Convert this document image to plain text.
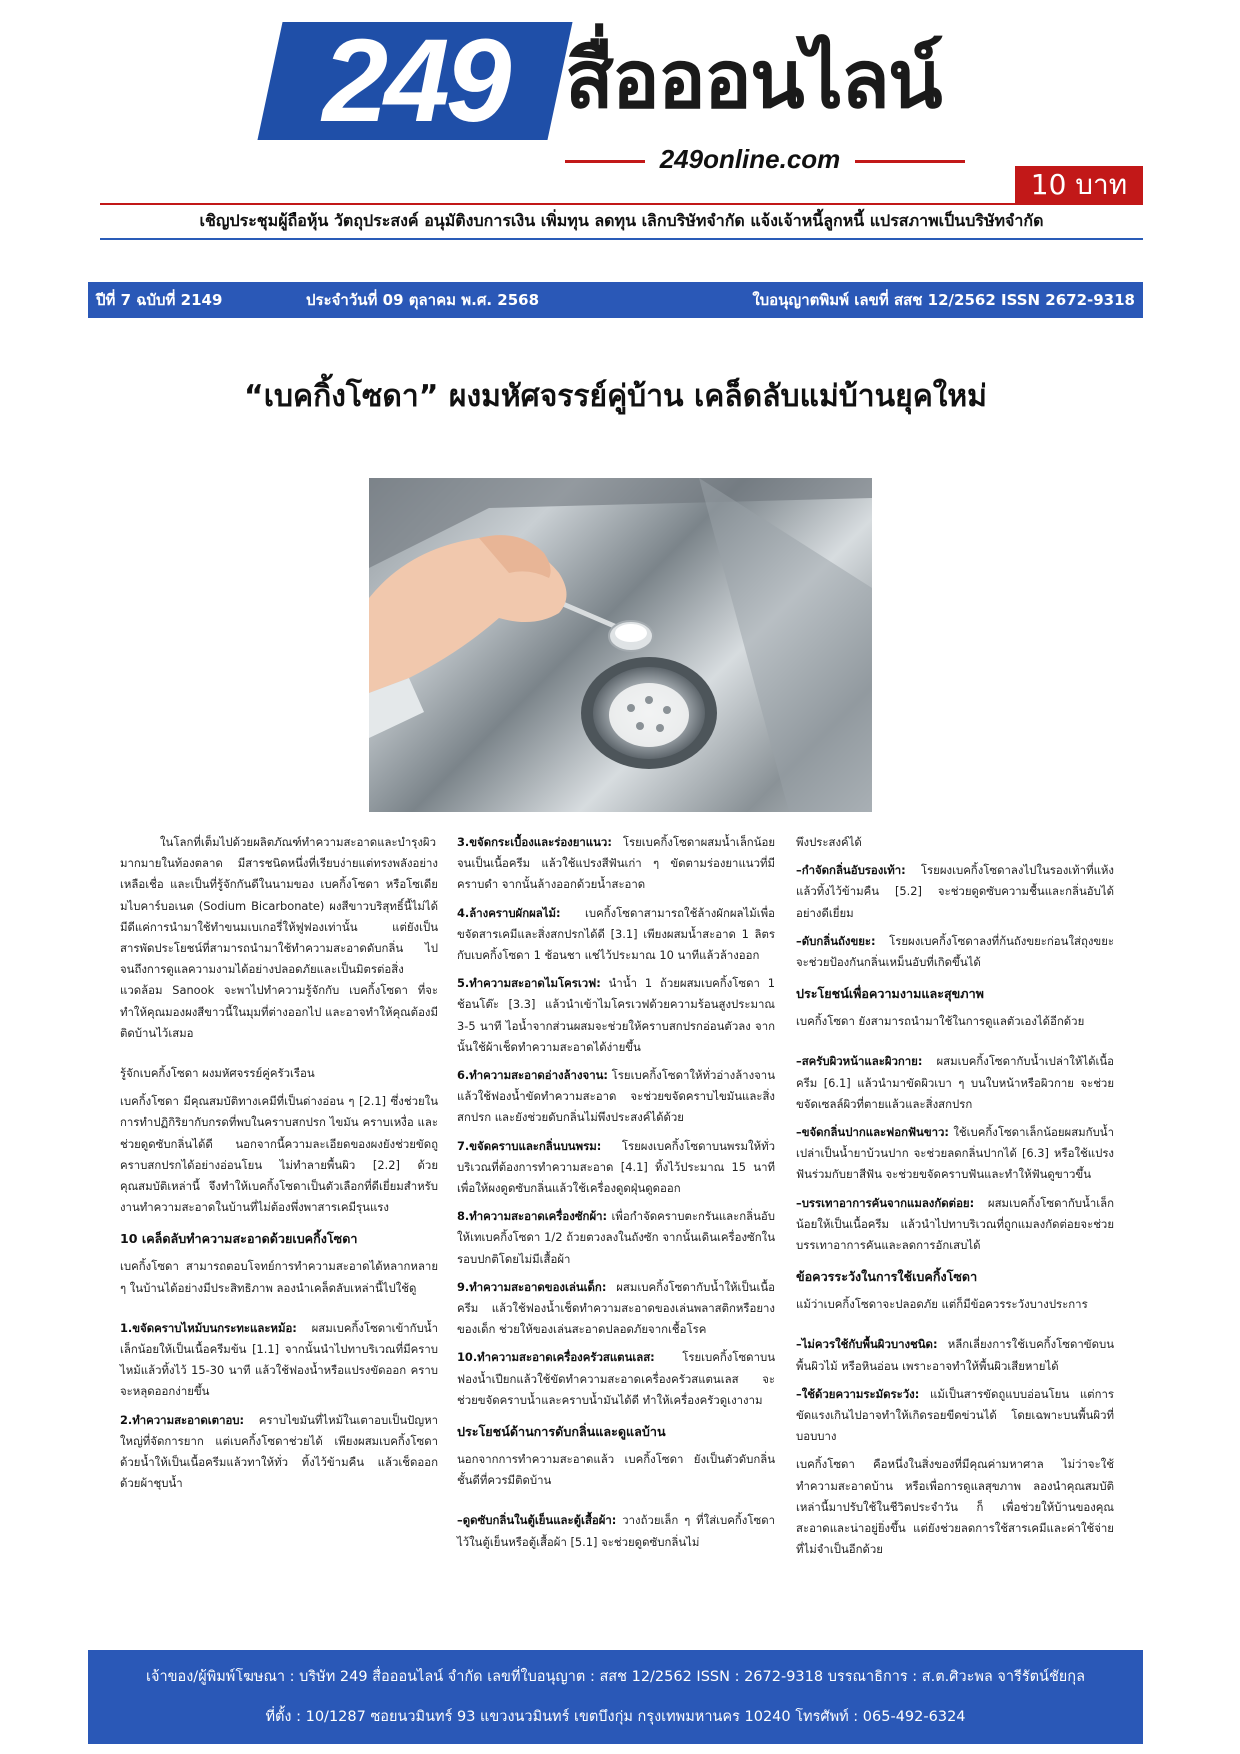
249 สื่อออนไลน์
249online.com
10 บาท
เชิญประชุมผู้ถือหุ้น วัตถุประสงค์ อนุมัติงบการเงิน เพิ่มทุน ลดทุน เลิกบริษัทจำกัด แจ้งเจ้าหนี้ลูกหนี้ แปรสภาพเป็นบริษัทจำกัด
ปีที่ 7 ฉบับที่ 2149	ประจำวันที่ 09 ตุลาคม พ.ศ. 2568	ใบอนุญาตพิมพ์ เลขที่ สสช 12/2562 ISSN 2672-9318
“เบคกิ้งโซดา” ผงมหัศจรรย์คู่บ้าน เคล็ดลับแม่บ้านยุคใหม่

ในโลกที่เต็มไปด้วยผลิตภัณฑ์ทำความสะอาดและบำรุงผิวมากมายในท้องตลาด มีสารชนิดหนึ่งที่เรียบง่ายแต่ทรงพลังอย่างเหลือเชื่อ และเป็นที่รู้จักกันดีในนามของ เบคกิ้งโซดา หรือโซเดียมไบคาร์บอเนต (Sodium Bicarbonate) ผงสีขาวบริสุทธิ์นี้ไม่ได้มีดีแค่การนำมาใช้ทำขนมเบเกอรี่ให้ฟูฟองเท่านั้น แต่ยังเป็นสารพัดประโยชน์ที่สามารถนำมาใช้ทำความสะอาดดับกลิ่น ไปจนถึงการดูแลความงามได้อย่างปลอดภัยและเป็นมิตรต่อสิ่งแวดล้อม Sanook จะพาไปทำความรู้จักกับ เบคกิ้งโซดา ที่จะทำให้คุณมองผงสีขาวนี้ในมุมที่ต่างออกไป และอาจทำให้คุณต้องมีติดบ้านไว้เสมอ

รู้จักเบคกิ้งโซดา ผงมหัศจรรย์คู่ครัวเรือน

เบคกิ้งโซดา มีคุณสมบัติทางเคมีที่เป็นด่างอ่อน ๆ [2.1] ซึ่งช่วยในการทำปฏิกิริยากับกรดที่พบในคราบสกปรก ไขมัน คราบเหงื่อ และช่วยดูดซับกลิ่นได้ดี นอกจากนี้ความละเอียดของผงยังช่วยขัดถูคราบสกปรกได้อย่างอ่อนโยน ไม่ทำลายพื้นผิว [2.2] ด้วยคุณสมบัติเหล่านี้ จึงทำให้เบคกิ้งโซดาเป็นตัวเลือกที่ดีเยี่ยมสำหรับงานทำความสะอาดในบ้านที่ไม่ต้องพึ่งพาสารเคมีรุนแรง

10 เคล็ดลับทำความสะอาดด้วยเบคกิ้งโซดา

เบคกิ้งโซดา สามารถตอบโจทย์การทำความสะอาดได้หลากหลาย ๆ ในบ้านได้อย่างมีประสิทธิภาพ ลองนำเคล็ดลับเหล่านี้ไปใช้ดู

1.ขจัดคราบไหม้บนกระทะและหม้อ: ผสมเบคกิ้งโซดาเข้ากับน้ำเล็กน้อยให้เป็นเนื้อครีมข้น [1.1] จากนั้นนำไปทาบริเวณที่มีคราบไหม้แล้วทิ้งไว้ 15-30 นาที แล้วใช้ฟองน้ำหรือแปรงขัดออก คราบจะหลุดออกง่ายขึ้น

2.ทำความสะอาดเตาอบ: คราบไขมันที่ไหม้ในเตาอบเป็นปัญหาใหญ่ที่จัดการยาก แต่เบคกิ้งโซดาช่วยได้ เพียงผสมเบคกิ้งโซดา ด้วยน้ำให้เป็นเนื้อครีมแล้วทาให้ทั่ว ทิ้งไว้ข้ามคืน แล้วเช็ดออกด้วยผ้าชุบน้ำ

3.ขจัดกระเบื้องและร่องยาแนว: โรยเบคกิ้งโซดาผสมน้ำเล็กน้อยจนเป็นเนื้อครีม แล้วใช้แปรงสีฟันเก่า ๆ ขัดตามร่องยาแนวที่มีคราบดำ จากนั้นล้างออกด้วยน้ำสะอาด

4.ล้างคราบผักผลไม้: เบคกิ้งโซดาสามารถใช้ล้างผักผลไม้เพื่อขจัดสารเคมีและสิ่งสกปรกได้ดี [3.1] เพียงผสมน้ำสะอาด 1 ลิตรกับเบคกิ้งโซดา 1 ช้อนชา แช่ไว้ประมาณ 10 นาทีแล้วล้างออก

5.ทำความสะอาดไมโครเวฟ: นำน้ำ 1 ถ้วยผสมเบคกิ้งโซดา 1 ช้อนโต๊ะ [3.3] แล้วนำเข้าไมโครเวฟด้วยความร้อนสูงประมาณ 3-5 นาที ไอน้ำจากส่วนผสมจะช่วยให้คราบสกปรกอ่อนตัวลง จากนั้นใช้ผ้าเช็ดทำความสะอาดได้ง่ายขึ้น

6.ทำความสะอาดอ่างล้างจาน: โรยเบคกิ้งโซดาให้ทั่วอ่างล้างจานแล้วใช้ฟองน้ำขัดทำความสะอาด จะช่วยขจัดคราบไขมันและสิ่งสกปรก และยังช่วยดับกลิ่นไม่พึงประสงค์ได้ด้วย

7.ขจัดคราบและกลิ่นบนพรม: โรยผงเบคกิ้งโซดาบนพรมให้ทั่วบริเวณที่ต้องการทำความสะอาด [4.1] ทิ้งไว้ประมาณ 15 นาทีเพื่อให้ผงดูดซับกลิ่นแล้วใช้เครื่องดูดฝุ่นดูดออก

8.ทำความสะอาดเครื่องซักผ้า: เพื่อกำจัดคราบตะกรันและกลิ่นอับ ให้เทเบคกิ้งโซดา 1/2 ถ้วยตวงลงในถังซัก จากนั้นเดินเครื่องซักในรอบปกติโดยไม่มีเสื้อผ้า

9.ทำความสะอาดของเล่นเด็ก: ผสมเบคกิ้งโซดากับน้ำให้เป็นเนื้อครีม แล้วใช้ฟองน้ำเช็ดทำความสะอาดของเล่นพลาสติกหรือยางของเด็ก ช่วยให้ของเล่นสะอาดปลอดภัยจากเชื้อโรค

10.ทำความสะอาดเครื่องครัวสแตนเลส: โรยเบคกิ้งโซดาบนฟองน้ำเปียกแล้วใช้ขัดทำความสะอาดเครื่องครัวสแตนเลส จะช่วยขจัดคราบน้ำและคราบน้ำมันได้ดี ทำให้เครื่องครัวดูเงางาม

ประโยชน์ด้านการดับกลิ่นและดูแลบ้าน

นอกจากการทำความสะอาดแล้ว เบคกิ้งโซดา ยังเป็นตัวดับกลิ่นชั้นดีที่ควรมีติดบ้าน

–ดูดซับกลิ่นในตู้เย็นและตู้เสื้อผ้า: วางถ้วยเล็ก ๆ ที่ใส่เบคกิ้งโซดาไว้ในตู้เย็นหรือตู้เสื้อผ้า [5.1] จะช่วยดูดซับกลิ่นไม่

พึงประสงค์ได้

–กำจัดกลิ่นอับรองเท้า: โรยผงเบคกิ้งโซดาลงไปในรองเท้าที่แห้ง แล้วทิ้งไว้ข้ามคืน [5.2] จะช่วยดูดซับความชื้นและกลิ่นอับได้อย่างดีเยี่ยม

–ดับกลิ่นถังขยะ: โรยผงเบคกิ้งโซดาลงที่ก้นถังขยะก่อนใส่ถุงขยะจะช่วยป้องกันกลิ่นเหม็นอับที่เกิดขึ้นได้

ประโยชน์เพื่อความงามและสุขภาพ

เบคกิ้งโซดา ยังสามารถนำมาใช้ในการดูแลตัวเองได้อีกด้วย

–สครับผิวหน้าและผิวกาย: ผสมเบคกิ้งโซดากับน้ำเปล่าให้ได้เนื้อครีม [6.1] แล้วนำมาขัดผิวเบา ๆ บนใบหน้าหรือผิวกาย จะช่วยขจัดเซลล์ผิวที่ตายแล้วและสิ่งสกปรก

–ขจัดกลิ่นปากและฟอกฟันขาว: ใช้เบคกิ้งโซดาเล็กน้อยผสมกับน้ำเปล่าเป็นน้ำยาบ้วนปาก จะช่วยลดกลิ่นปากได้ [6.3] หรือใช้แปรงฟันร่วมกับยาสีฟัน จะช่วยขจัดคราบฟันและทำให้ฟันดูขาวขึ้น

–บรรเทาอาการคันจากแมลงกัดต่อย: ผสมเบคกิ้งโซดากับน้ำเล็กน้อยให้เป็นเนื้อครีม แล้วนำไปทาบริเวณที่ถูกแมลงกัดต่อยจะช่วยบรรเทาอาการคันและลดการอักเสบได้

ข้อควรระวังในการใช้เบคกิ้งโซดา

แม้ว่าเบคกิ้งโซดาจะปลอดภัย แต่ก็มีข้อควรระวังบางประการ

–ไม่ควรใช้กับพื้นผิวบางชนิด: หลีกเลี่ยงการใช้เบคกิ้งโซดาขัดบนพื้นผิวไม้ หรือหินอ่อน เพราะอาจทำให้พื้นผิวเสียหายได้

–ใช้ด้วยความระมัดระวัง: แม้เป็นสารขัดถูแบบอ่อนโยน แต่การขัดแรงเกินไปอาจทำให้เกิดรอยขีดข่วนได้ โดยเฉพาะบนพื้นผิวที่บอบบาง

เบคกิ้งโซดา คือหนึ่งในสิ่งของที่มีคุณค่ามหาศาล ไม่ว่าจะใช้ทำความสะอาดบ้าน หรือเพื่อการดูแลสุขภาพ ลองนำคุณสมบัติเหล่านี้มาปรับใช้ในชีวิตประจำวัน ก็ เพื่อช่วยให้บ้านของคุณสะอาดและน่าอยู่ยิ่งขึ้น แต่ยังช่วยลดการใช้สารเคมีและค่าใช้จ่ายที่ไม่จำเป็นอีกด้วย

เจ้าของ/ผู้พิมพ์โฆษณา : บริษัท 249 สื่อออนไลน์ จำกัด เลขที่ใบอนุญาต : สสช 12/2562 ISSN : 2672-9318 บรรณาธิการ : ส.ต.ศิวะพล จารีรัตน์ชัยกุล
ที่ตั้ง : 10/1287 ซอยนวมินทร์ 93 แขวงนวมินทร์ เขตบึงกุ่ม กรุงเทพมหานคร 10240 โทรศัพท์ : 065-492-6324
